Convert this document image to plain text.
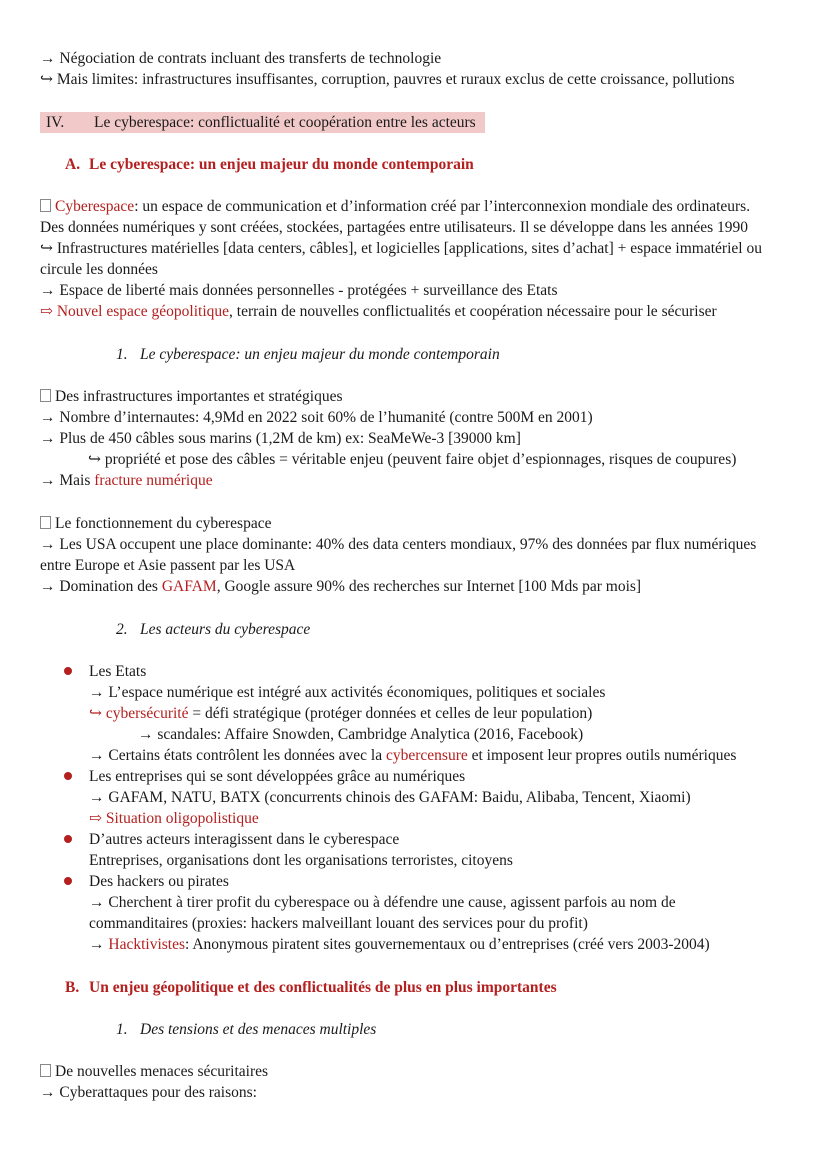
→ Négociation de contrats incluant des transferts de technologie
↪ Mais limites: infrastructures insuffisantes, corruption, pauvres et ruraux exclus de cette croissance, pollutions
IV. Le cyberespace: conflictualité et coopération entre les acteurs
A. Le cyberespace: un enjeu majeur du monde contemporain
Cyberespace: un espace de communication et d’information créé par l’interconnexion mondiale des ordinateurs.
Des données numériques y sont créées, stockées, partagées entre utilisateurs. Il se développe dans les années 1990
↪ Infrastructures matérielles [data centers, câbles], et logicielles [applications, sites d’achat] + espace immatériel ou
circule les données
→ Espace de liberté mais données personnelles - protégées + surveillance des Etats
⇨ Nouvel espace géopolitique, terrain de nouvelles conflictualités et coopération nécessaire pour le sécuriser
1. Le cyberespace: un enjeu majeur du monde contemporain
Des infrastructures importantes et stratégiques
→ Nombre d’internautes: 4,9Md en 2022 soit 60% de l’humanité (contre 500M en 2001)
→ Plus de 450 câbles sous marins (1,2M de km) ex: SeaMeWe-3 [39000 km]
↪ propriété et pose des câbles = véritable enjeu (peuvent faire objet d’espionnages, risques de coupures)
→ Mais fracture numérique
Le fonctionnement du cyberespace
→ Les USA occupent une place dominante: 40% des data centers mondiaux, 97% des données par flux numériques
entre Europe et Asie passent par les USA
→ Domination des GAFAM, Google assure 90% des recherches sur Internet [100 Mds par mois]
2. Les acteurs du cyberespace
Les Etats
→ L’espace numérique est intégré aux activités économiques, politiques et sociales
↪ cybersécurité = défi stratégique (protéger données et celles de leur population)
→ scandales: Affaire Snowden, Cambridge Analytica (2016, Facebook)
→ Certains états contrôlent les données avec la cybercensure et imposent leur propres outils numériques
Les entreprises qui se sont développées grâce au numériques
→ GAFAM, NATU, BATX (concurrents chinois des GAFAM: Baidu, Alibaba, Tencent, Xiaomi)
⇨ Situation oligopolistique
D’autres acteurs interagissent dans le cyberespace
Entreprises, organisations dont les organisations terroristes, citoyens
Des hackers ou pirates
→ Cherchent à tirer profit du cyberespace ou à défendre une cause, agissent parfois au nom de
commanditaires (proxies: hackers malveillant louant des services pour du profit)
→ Hacktivistes: Anonymous piratent sites gouvernementaux ou d’entreprises (créé vers 2003-2004)
B. Un enjeu géopolitique et des conflictualités de plus en plus importantes
1. Des tensions et des menaces multiples
De nouvelles menaces sécuritaires
→ Cyberattaques pour des raisons:
